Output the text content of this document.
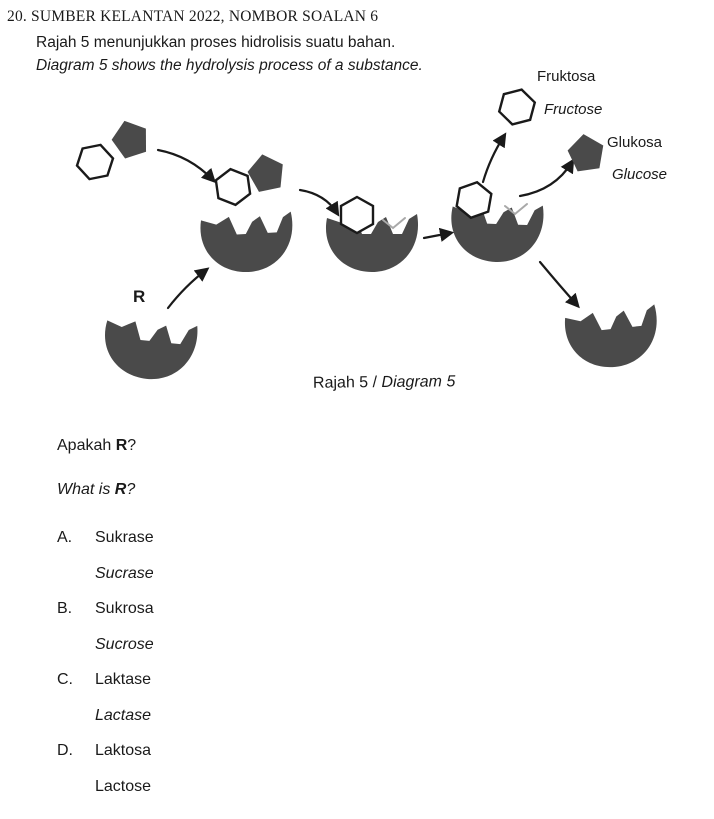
20. SUMBER KELANTAN 2022, NOMBOR SOALAN 6
Rajah 5 menunjukkan proses hidrolisis suatu bahan.
Diagram 5 shows the hydrolysis process of a substance.
Fruktosa
Fructose
Glukosa
Glucose
R
Rajah 5 / Diagram 5
Apakah R?
What is R?
A.	Sukrase
Sucrase
B.	Sukrosa
Sucrose
C.	Laktase
Lactase
D.	Laktosa
Lactose
